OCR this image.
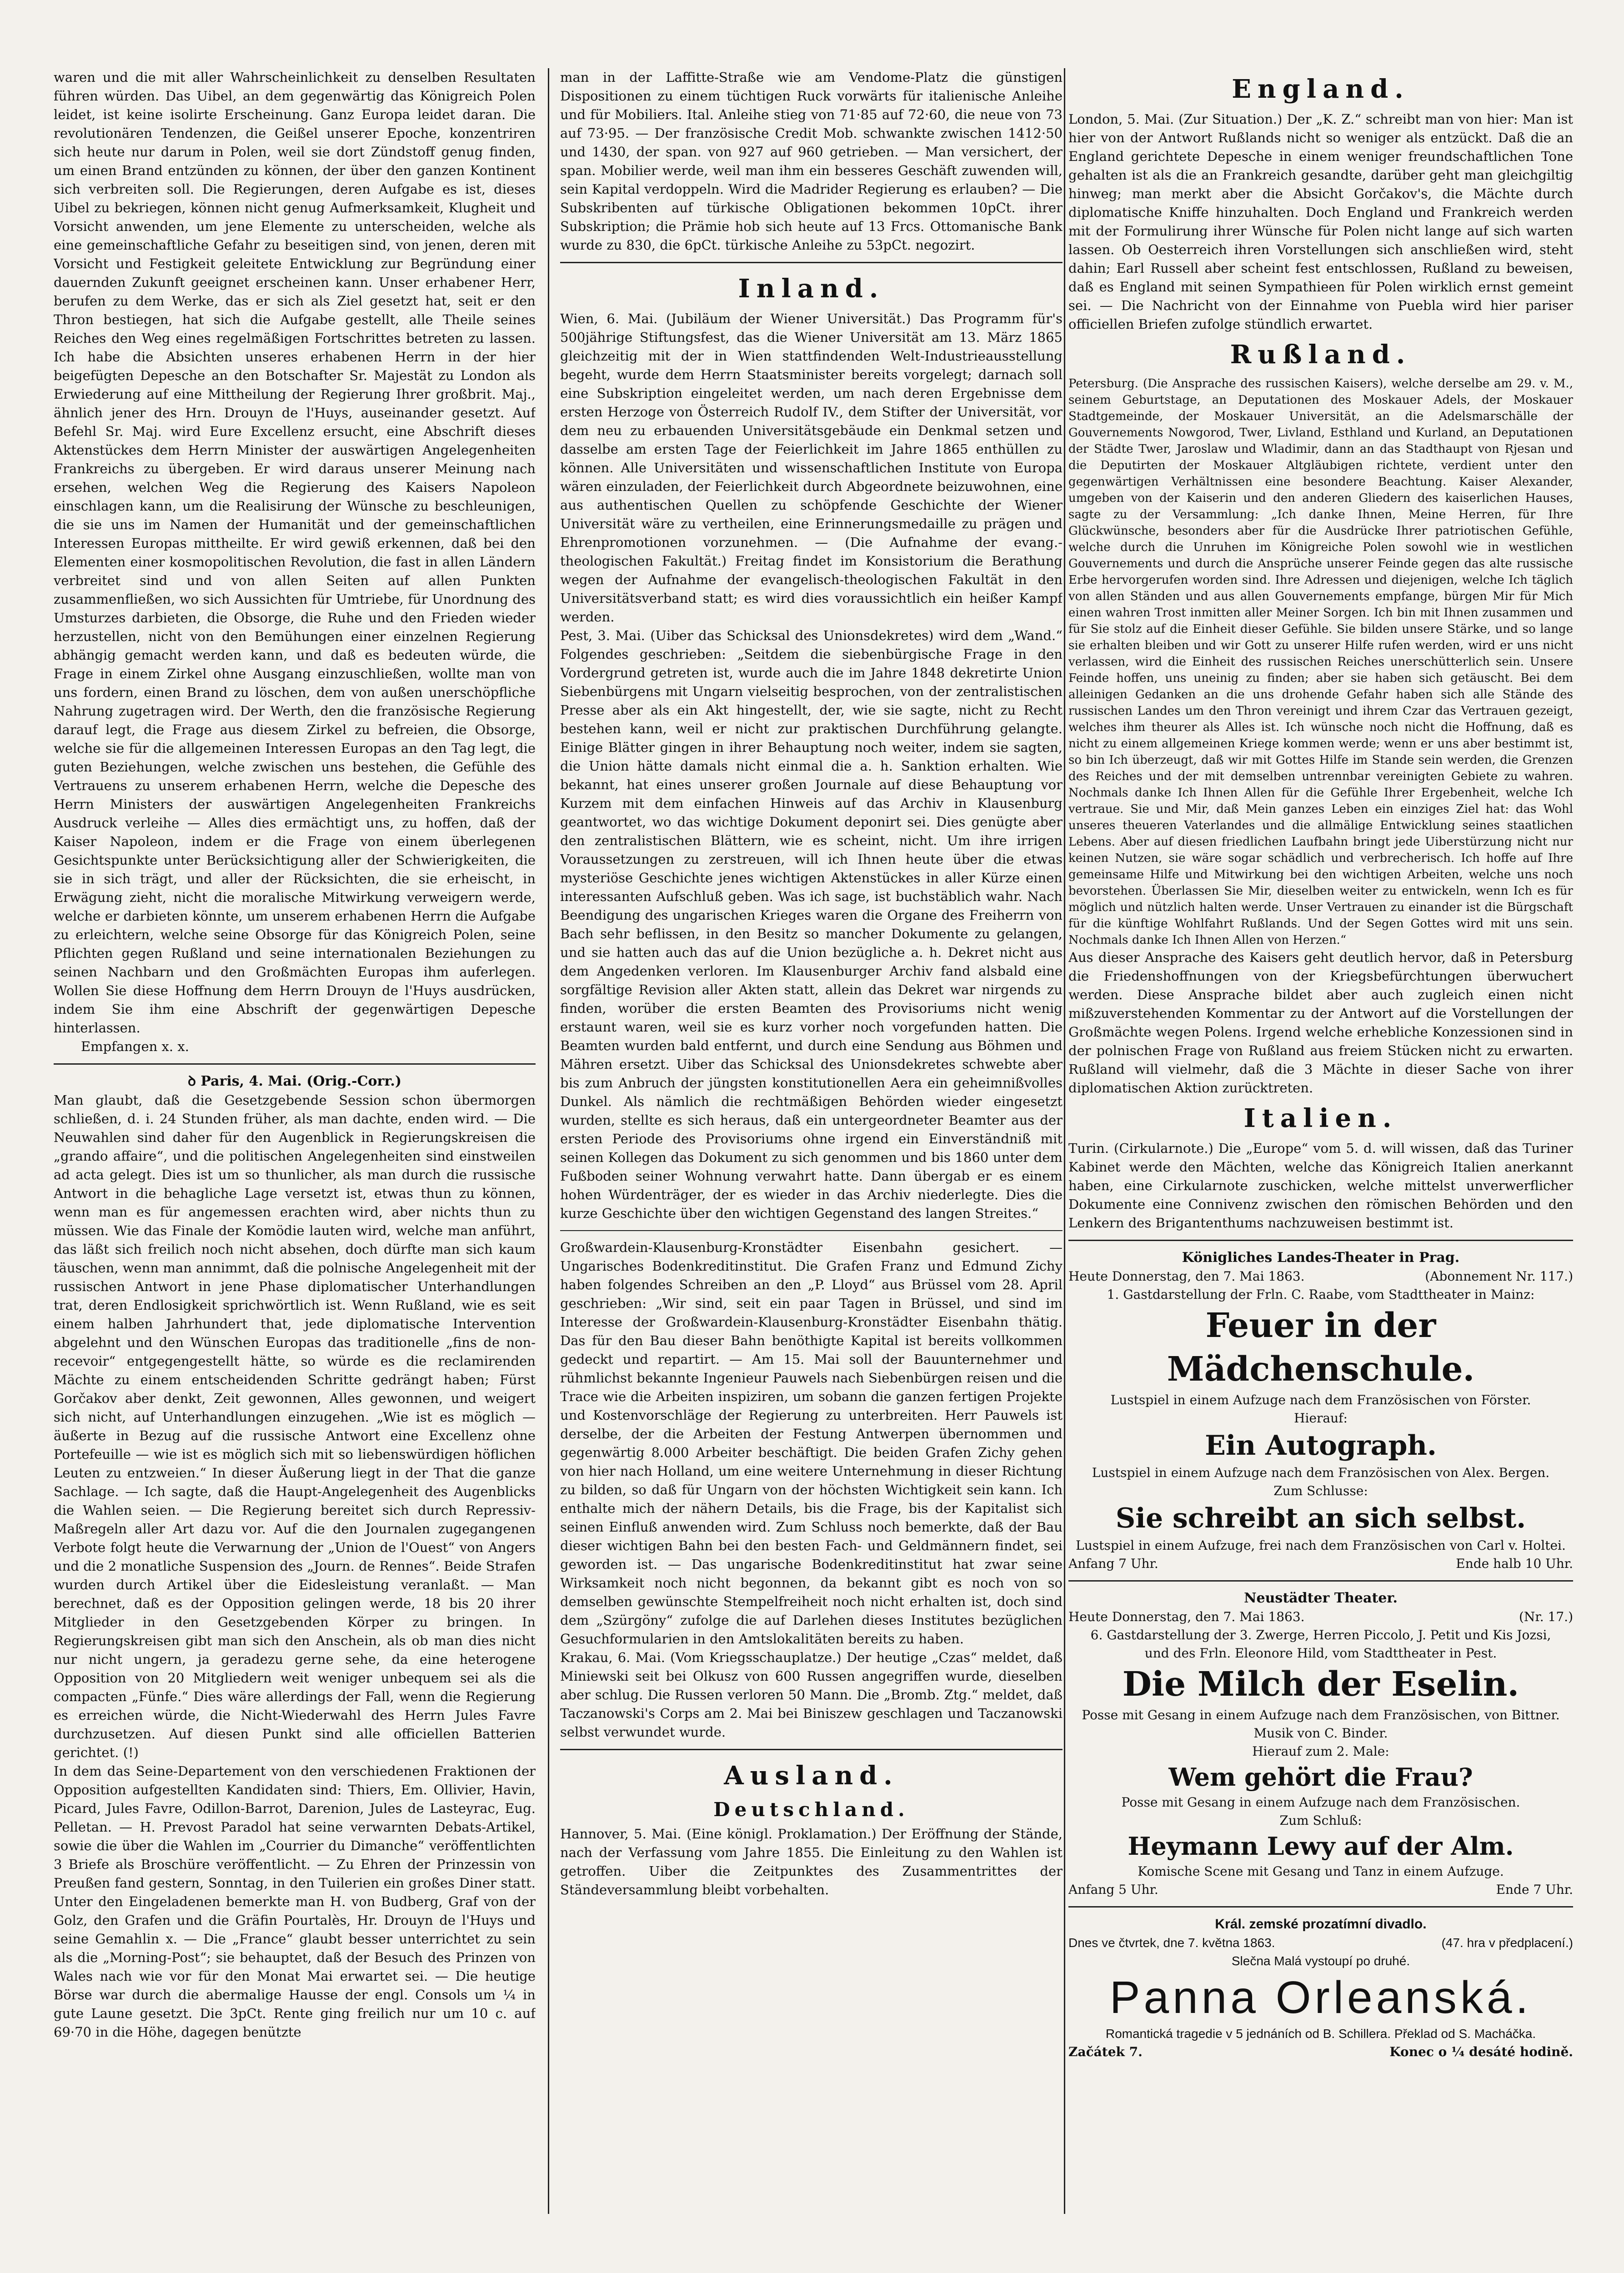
waren und die mit aller Wahrscheinlichkeit zu denselben Resultaten führen würden. Das Uibel, an dem gegenwärtig das Königreich Polen leidet, ist keine isolirte Erscheinung. Ganz Europa leidet daran. Die revolutionären Tendenzen, die Geißel unserer Epoche, konzentriren sich heute nur darum in Polen, weil sie dort Zündstoff genug finden, um einen Brand entzünden zu können, der über den ganzen Kontinent sich verbreiten soll. Die Regierungen, deren Aufgabe es ist, dieses Uibel zu bekriegen, können nicht genug Aufmerksamkeit, Klugheit und Vorsicht anwenden, um jene Elemente zu unterscheiden, welche als eine gemeinschaftliche Gefahr zu beseitigen sind, von jenen, deren mit Vorsicht und Festigkeit geleitete Entwicklung zur Begründung einer dauernden Zukunft geeignet erscheinen kann. Unser erhabener Herr, berufen zu dem Werke, das er sich als Ziel gesetzt hat, seit er den Thron bestiegen, hat sich die Aufgabe gestellt, alle Theile seines Reiches den Weg eines regelmäßigen Fortschrittes betreten zu lassen. Ich habe die Absichten unseres erhabenen Herrn in der hier beigefügten Depesche an den Botschafter Sr. Majestät zu London als Erwiederung auf eine Mittheilung der Regierung Ihrer großbrit. Maj., ähnlich jener des Hrn. Drouyn de l'Huys, auseinander gesetzt. Auf Befehl Sr. Maj. wird Eure Excellenz ersucht, eine Abschrift dieses Aktenstückes dem Herrn Minister der auswärtigen Angelegenheiten Frankreichs zu übergeben. Er wird daraus unserer Meinung nach ersehen, welchen Weg die Regierung des Kaisers Napoleon einschlagen kann, um die Realisirung der Wünsche zu beschleunigen, die sie uns im Namen der Humanität und der gemeinschaftlichen Interessen Europas mittheilte. Er wird gewiß erkennen, daß bei den Elementen einer kosmopolitischen Revolution, die fast in allen Ländern verbreitet sind und von allen Seiten auf allen Punkten zusammenfließen, wo sich Aussichten für Umtriebe, für Unordnung des Umsturzes darbieten, die Obsorge, die Ruhe und den Frieden wieder herzustellen, nicht von den Bemühungen einer einzelnen Regierung abhängig gemacht werden kann, und daß es bedeuten würde, die Frage in einem Zirkel ohne Ausgang einzuschließen, wollte man von uns fordern, einen Brand zu löschen, dem von außen unerschöpfliche Nahrung zugetragen wird. Der Werth, den die französische Regierung darauf legt, die Frage aus diesem Zirkel zu befreien, die Obsorge, welche sie für die allgemeinen Interessen Europas an den Tag legt, die guten Beziehungen, welche zwischen uns bestehen, die Gefühle des Vertrauens zu unserem erhabenen Herrn, welche die Depesche des Herrn Ministers der auswärtigen Angelegenheiten Frankreichs Ausdruck verleihe — Alles dies ermächtigt uns, zu hoffen, daß der Kaiser Napoleon, indem er die Frage von einem überlegenen Gesichtspunkte unter Berücksichtigung aller der Schwierigkeiten, die sie in sich trägt, und aller der Rücksichten, die sie erheischt, in Erwägung zieht, nicht die moralische Mitwirkung verweigern werde, welche er darbieten könnte, um unserem erhabenen Herrn die Aufgabe zu erleichtern, welche seine Obsorge für das Königreich Polen, seine Pflichten gegen Rußland und seine internationalen Beziehungen zu seinen Nachbarn und den Großmächten Europas ihm auferlegen. Wollen Sie diese Hoffnung dem Herrn Drouyn de l'Huys ausdrücken, indem Sie ihm eine Abschrift der gegenwärtigen Depesche hinterlassen.

Empfangen x. x.
ꝺ Paris, 4. Mai. (Orig.-Corr.)

Man glaubt, daß die Gesetzgebende Session schon übermorgen schließen, d. i. 24 Stunden früher, als man dachte, enden wird. — Die Neuwahlen sind daher für den Augenblick in Regierungskreisen die „grando affaire“, und die politischen Angelegenheiten sind einstweilen ad acta gelegt. Dies ist um so thunlicher, als man durch die russische Antwort in die behagliche Lage versetzt ist, etwas thun zu können, wenn man es für angemessen erachten wird, aber nichts thun zu müssen. Wie das Finale der Komödie lauten wird, welche man anführt, das läßt sich freilich noch nicht absehen, doch dürfte man sich kaum täuschen, wenn man annimmt, daß die polnische Angelegenheit mit der russischen Antwort in jene Phase diplomatischer Unterhandlungen trat, deren Endlosigkeit sprichwörtlich ist. Wenn Rußland, wie es seit einem halben Jahrhundert that, jede diplomatische Intervention abgelehnt und den Wünschen Europas das traditionelle „fins de non-recevoir“ entgegengestellt hätte, so würde es die reclamirenden Mächte zu einem entscheidenden Schritte gedrängt haben; Fürst Gorčakov aber denkt, Zeit gewonnen, Alles gewonnen, und weigert sich nicht, auf Unterhandlungen einzugehen. „Wie ist es möglich — äußerte in Bezug auf die russische Antwort eine Excellenz ohne Portefeuille — wie ist es möglich sich mit so liebenswürdigen höflichen Leuten zu entzweien.“ In dieser Äußerung liegt in der That die ganze Sachlage. — Ich sagte, daß die Haupt-Angelegenheit des Augenblicks die Wahlen seien. — Die Regierung bereitet sich durch Repressiv-Maßregeln aller Art dazu vor. Auf die den Journalen zugegangenen Verbote folgt heute die Verwarnung der „Union de l'Ouest“ von Angers und die 2 monatliche Suspension des „Journ. de Rennes“. Beide Strafen wurden durch Artikel über die Eidesleistung veranlaßt. — Man berechnet, daß es der Opposition gelingen werde, 18 bis 20 ihrer Mitglieder in den Gesetzgebenden Körper zu bringen. In Regierungskreisen gibt man sich den Anschein, als ob man dies nicht nur nicht ungern, ja geradezu gerne sehe, da eine heterogene Opposition von 20 Mitgliedern weit weniger unbequem sei als die compacten „Fünfe.“ Dies wäre allerdings der Fall, wenn die Regierung es erreichen würde, die Nicht-Wiederwahl des Herrn Jules Favre durchzusetzen. Auf diesen Punkt sind alle officiellen Batterien gerichtet. (!)

In dem das Seine-Departement von den verschiedenen Fraktionen der Opposition aufgestellten Kandidaten sind: Thiers, Em. Ollivier, Havin, Picard, Jules Favre, Odillon-Barrot, Darenion, Jules de Lasteyrac, Eug. Pelletan. — H. Prevost Paradol hat seine verwarnten Debats-Artikel, sowie die über die Wahlen im „Courrier du Dimanche“ veröffentlichten 3 Briefe als Broschüre veröffentlicht. — Zu Ehren der Prinzessin von Preußen fand gestern, Sonntag, in den Tuilerien ein großes Diner statt. Unter den Eingeladenen bemerkte man H. von Budberg, Graf von der Golz, den Grafen und die Gräfin Pourtalès, Hr. Drouyn de l'Huys und seine Gemahlin x. — Die „France“ glaubt besser unterrichtet zu sein als die „Morning-Post“; sie behauptet, daß der Besuch des Prinzen von Wales nach wie vor für den Monat Mai erwartet sei. — Die heutige Börse war durch die abermalige Hausse der engl. Consols um ¼ in gute Laune gesetzt. Die 3pCt. Rente ging freilich nur um 10 c. auf 69·70 in die Höhe, dagegen benützte

man in der Laffitte-Straße wie am Vendome-Platz die günstigen Dispositionen zu einem tüchtigen Ruck vorwärts für italienische Anleihe und für Mobiliers. Ital. Anleihe stieg von 71·85 auf 72·60, die neue von 73 auf 73·95. — Der französische Credit Mob. schwankte zwischen 1412·50 und 1430, der span. von 927 auf 960 getrieben. — Man versichert, der span. Mobilier werde, weil man ihm ein besseres Geschäft zuwenden will, sein Kapital verdoppeln. Wird die Madrider Regierung es erlauben? — Die Subskribenten auf türkische Obligationen bekommen 10pCt. ihrer Subskription; die Prämie hob sich heute auf 13 Frcs. Ottomanische Bank wurde zu 830, die 6pCt. türkische Anleihe zu 53pCt. negozirt.

Inland.

Wien, 6. Mai. (Jubiläum der Wiener Universität.) Das Programm für's 500jährige Stiftungsfest, das die Wiener Universität am 13. März 1865 gleichzeitig mit der in Wien stattfindenden Welt-Industrieausstellung begeht, wurde dem Herrn Staatsminister bereits vorgelegt; darnach soll eine Subskription eingeleitet werden, um nach deren Ergebnisse dem ersten Herzoge von Österreich Rudolf IV., dem Stifter der Universität, vor dem neu zu erbauenden Universitätsgebäude ein Denkmal setzen und dasselbe am ersten Tage der Feierlichkeit im Jahre 1865 enthüllen zu können. Alle Universitäten und wissenschaftlichen Institute von Europa wären einzuladen, der Feierlichkeit durch Abgeordnete beizuwohnen, eine aus authentischen Quellen zu schöpfende Geschichte der Wiener Universität wäre zu vertheilen, eine Erinnerungsmedaille zu prägen und Ehrenpromotionen vorzunehmen. — (Die Aufnahme der evang.-theologischen Fakultät.) Freitag findet im Konsistorium die Berathung wegen der Aufnahme der evangelisch-theologischen Fakultät in den Universitätsverband statt; es wird dies voraussichtlich ein heißer Kampf werden.

Pest, 3. Mai. (Uiber das Schicksal des Unionsdekretes) wird dem „Wand.“ Folgendes geschrieben: „Seitdem die siebenbürgische Frage in den Vordergrund getreten ist, wurde auch die im Jahre 1848 dekretirte Union Siebenbürgens mit Ungarn vielseitig besprochen, von der zentralistischen Presse aber als ein Akt hingestellt, der, wie sie sagte, nicht zu Recht bestehen kann, weil er nicht zur praktischen Durchführung gelangte. Einige Blätter gingen in ihrer Behauptung noch weiter, indem sie sagten, die Union hätte damals nicht einmal die a. h. Sanktion erhalten. Wie bekannt, hat eines unserer großen Journale auf diese Behauptung vor Kurzem mit dem einfachen Hinweis auf das Archiv in Klausenburg geantwortet, wo das wichtige Dokument deponirt sei. Dies genügte aber den zentralistischen Blättern, wie es scheint, nicht. Um ihre irrigen Voraussetzungen zu zerstreuen, will ich Ihnen heute über die etwas mysteriöse Geschichte jenes wichtigen Aktenstückes in aller Kürze einen interessanten Aufschluß geben. Was ich sage, ist buchstäblich wahr. Nach Beendigung des ungarischen Krieges waren die Organe des Freiherrn von Bach sehr beflissen, in den Besitz so mancher Dokumente zu gelangen, und sie hatten auch das auf die Union bezügliche a. h. Dekret nicht aus dem Angedenken verloren. Im Klausenburger Archiv fand alsbald eine sorgfältige Revision aller Akten statt, allein das Dekret war nirgends zu finden, worüber die ersten Beamten des Provisoriums nicht wenig erstaunt waren, weil sie es kurz vorher noch vorgefunden hatten. Die Beamten wurden bald entfernt, und durch eine Sendung aus Böhmen und Mähren ersetzt. Uiber das Schicksal des Unionsdekretes schwebte aber bis zum Anbruch der jüngsten konstitutionellen Aera ein geheimnißvolles Dunkel. Als nämlich die rechtmäßigen Behörden wieder eingesetzt wurden, stellte es sich heraus, daß ein untergeordneter Beamter aus der ersten Periode des Provisoriums ohne irgend ein Einverständniß mit seinen Kollegen das Dokument zu sich genommen und bis 1860 unter dem Fußboden seiner Wohnung verwahrt hatte. Dann übergab er es einem hohen Würdenträger, der es wieder in das Archiv niederlegte. Dies die kurze Geschichte über den wichtigen Gegenstand des langen Streites.“

Großwardein-Klausenburg-Kronstädter Eisenbahn gesichert. — Ungarisches Bodenkreditinstitut. Die Grafen Franz und Edmund Zichy haben folgendes Schreiben an den „P. Lloyd“ aus Brüssel vom 28. April geschrieben: „Wir sind, seit ein paar Tagen in Brüssel, und sind im Interesse der Großwardein-Klausenburg-Kronstädter Eisenbahn thätig. Das für den Bau dieser Bahn benöthigte Kapital ist bereits vollkommen gedeckt und repartirt. — Am 15. Mai soll der Bauunternehmer und rühmlichst bekannte Ingenieur Pauwels nach Siebenbürgen reisen und die Trace wie die Arbeiten inspiziren, um sobann die ganzen fertigen Projekte und Kostenvorschläge der Regierung zu unterbreiten. Herr Pauwels ist derselbe, der die Arbeiten der Festung Antwerpen übernommen und gegenwärtig 8.000 Arbeiter beschäftigt. Die beiden Grafen Zichy gehen von hier nach Holland, um eine weitere Unternehmung in dieser Richtung zu bilden, so daß für Ungarn von der höchsten Wichtigkeit sein kann. Ich enthalte mich der nähern Details, bis die Frage, bis der Kapitalist sich seinen Einfluß anwenden wird. Zum Schluss noch bemerkte, daß der Bau dieser wichtigen Bahn bei den besten Fach- und Geldmännern findet, sei geworden ist. — Das ungarische Bodenkreditinstitut hat zwar seine Wirksamkeit noch nicht begonnen, da bekannt gibt es noch von so demselben gewünschte Stempelfreiheit noch nicht erhalten ist, doch sind dem „Szürgöny“ zufolge die auf Darlehen dieses Institutes bezüglichen Gesuchformularien in den Amtslokalitäten bereits zu haben.

Krakau, 6. Mai. (Vom Kriegsschauplatze.) Der heutige „Czas“ meldet, daß Miniewski seit bei Olkusz von 600 Russen angegriffen wurde, dieselben aber schlug. Die Russen verloren 50 Mann. Die „Bromb. Ztg.“ meldet, daß Taczanowski's Corps am 2. Mai bei Biniszew geschlagen und Taczanowski selbst verwundet wurde.

Ausland.
Deutschland.

Hannover, 5. Mai. (Eine königl. Proklamation.) Der Eröffnung der Stände, nach der Verfassung vom Jahre 1855. Die Einleitung zu den Wahlen ist getroffen. Uiber die Zeitpunktes des Zusammentrittes der Ständeversammlung bleibt vorbehalten.

England.

London, 5. Mai. (Zur Situation.) Der „K. Z.“ schreibt man von hier: Man ist hier von der Antwort Rußlands nicht so weniger als entzückt. Daß die an England gerichtete Depesche in einem weniger freundschaftlichen Tone gehalten ist als die an Frankreich gesandte, darüber geht man gleichgiltig hinweg; man merkt aber die Absicht Gorčakov's, die Mächte durch diplomatische Kniffe hinzuhalten. Doch England und Frankreich werden mit der Formulirung ihrer Wünsche für Polen nicht lange auf sich warten lassen. Ob Oesterreich ihren Vorstellungen sich anschließen wird, steht dahin; Earl Russell aber scheint fest entschlossen, Rußland zu beweisen, daß es England mit seinen Sympathieen für Polen wirklich ernst gemeint sei. — Die Nachricht von der Einnahme von Puebla wird hier pariser officiellen Briefen zufolge stündlich erwartet.

Rußland.

Petersburg. (Die Ansprache des russischen Kaisers), welche derselbe am 29. v. M., seinem Geburtstage, an Deputationen des Moskauer Adels, der Moskauer Stadtgemeinde, der Moskauer Universität, an die Adelsmarschälle der Gouvernements Nowgorod, Twer, Livland, Esthland und Kurland, an Deputationen der Städte Twer, Jaroslaw und Wladimir, dann an das Stadthaupt von Rjesan und die Deputirten der Moskauer Altgläubigen richtete, verdient unter den gegenwärtigen Verhältnissen eine besondere Beachtung. Kaiser Alexander, umgeben von der Kaiserin und den anderen Gliedern des kaiserlichen Hauses, sagte zu der Versammlung: „Ich danke Ihnen, Meine Herren, für Ihre Glückwünsche, besonders aber für die Ausdrücke Ihrer patriotischen Gefühle, welche durch die Unruhen im Königreiche Polen sowohl wie in westlichen Gouvernements und durch die Ansprüche unserer Feinde gegen das alte russische Erbe hervorgerufen worden sind. Ihre Adressen und diejenigen, welche Ich täglich von allen Ständen und aus allen Gouvernements empfange, bürgen Mir für Mich einen wahren Trost inmitten aller Meiner Sorgen. Ich bin mit Ihnen zusammen und für Sie stolz auf die Einheit dieser Gefühle. Sie bilden unsere Stärke, und so lange sie erhalten bleiben und wir Gott zu unserer Hilfe rufen werden, wird er uns nicht verlassen, wird die Einheit des russischen Reiches unerschütterlich sein. Unsere Feinde hoffen, uns uneinig zu finden; aber sie haben sich getäuscht. Bei dem alleinigen Gedanken an die uns drohende Gefahr haben sich alle Stände des russischen Landes um den Thron vereinigt und ihrem Czar das Vertrauen gezeigt, welches ihm theurer als Alles ist. Ich wünsche noch nicht die Hoffnung, daß es nicht zu einem allgemeinen Kriege kommen werde; wenn er uns aber bestimmt ist, so bin Ich überzeugt, daß wir mit Gottes Hilfe im Stande sein werden, die Grenzen des Reiches und der mit demselben untrennbar vereinigten Gebiete zu wahren. Nochmals danke Ich Ihnen Allen für die Gefühle Ihrer Ergebenheit, welche Ich vertraue. Sie und Mir, daß Mein ganzes Leben ein einziges Ziel hat: das Wohl unseres theueren Vaterlandes und die allmälige Entwicklung seines staatlichen Lebens. Aber auf diesen friedlichen Laufbahn bringt jede Uiberstürzung nicht nur keinen Nutzen, sie wäre sogar schädlich und verbrecherisch. Ich hoffe auf Ihre gemeinsame Hilfe und Mitwirkung bei den wichtigen Arbeiten, welche uns noch bevorstehen. Überlassen Sie Mir, dieselben weiter zu entwickeln, wenn Ich es für möglich und nützlich halten werde. Unser Vertrauen zu einander ist die Bürgschaft für die künftige Wohlfahrt Rußlands. Und der Segen Gottes wird mit uns sein. Nochmals danke Ich Ihnen Allen von Herzen.“

Aus dieser Ansprache des Kaisers geht deutlich hervor, daß in Petersburg die Friedenshoffnungen von der Kriegsbefürchtungen überwuchert werden. Diese Ansprache bildet aber auch zugleich einen nicht mißzuverstehenden Kommentar zu der Antwort auf die Vorstellungen der Großmächte wegen Polens. Irgend welche erhebliche Konzessionen sind in der polnischen Frage von Rußland aus freiem Stücken nicht zu erwarten. Rußland will vielmehr, daß die 3 Mächte in dieser Sache von ihrer diplomatischen Aktion zurücktreten.

Italien.

Turin. (Cirkularnote.) Die „Europe“ vom 5. d. will wissen, daß das Turiner Kabinet werde den Mächten, welche das Königreich Italien anerkannt haben, eine Cirkularnote zuschicken, welche mittelst unverwerflicher Dokumente eine Connivenz zwischen den römischen Behörden und den Lenkern des Brigantenthums nachzuweisen bestimmt ist.

Königliches Landes-Theater in Prag.
Heute Donnerstag, den 7. Mai 1863.	(Abonnement Nr. 117.)
1. Gastdarstellung der Frln. C. Raabe, vom Stadttheater in Mainz:
Feuer in der Mädchenschule.
Lustspiel in einem Aufzuge nach dem Französischen von Förster.
Hierauf:
Ein Autograph.
Lustspiel in einem Aufzuge nach dem Französischen von Alex. Bergen.
Zum Schlusse:
Sie schreibt an sich selbst.
Lustspiel in einem Aufzuge, frei nach dem Französischen von Carl v. Holtei.
Anfang 7 Uhr.	Ende halb 10 Uhr.
Neustädter Theater.
Heute Donnerstag, den 7. Mai 1863.	(Nr. 17.)
6. Gastdarstellung der 3. Zwerge, Herren Piccolo, J. Petit und Kis Jozsi,
und des Frln. Eleonore Hild, vom Stadttheater in Pest.
Die Milch der Eselin.
Posse mit Gesang in einem Aufzuge nach dem Französischen, von Bittner. Musik von C. Binder.
Hierauf zum 2. Male:
Wem gehört die Frau?
Posse mit Gesang in einem Aufzuge nach dem Französischen.
Zum Schluß:
Heymann Lewy auf der Alm.
Komische Scene mit Gesang und Tanz in einem Aufzuge.
Anfang 5 Uhr.	Ende 7 Uhr.
Král. zemské prozatímní divadlo.
Dnes ve čtvrtek, dne 7. května 1863.	(47. hra v předplacení.)
Slečna Malá vystoupí po druhé.
Panna Orleanská.
Romantická tragedie v 5 jednáních od B. Schillera. Překlad od S. Macháčka.
Začátek 7.	Konec o ¼ desáté hodině.
